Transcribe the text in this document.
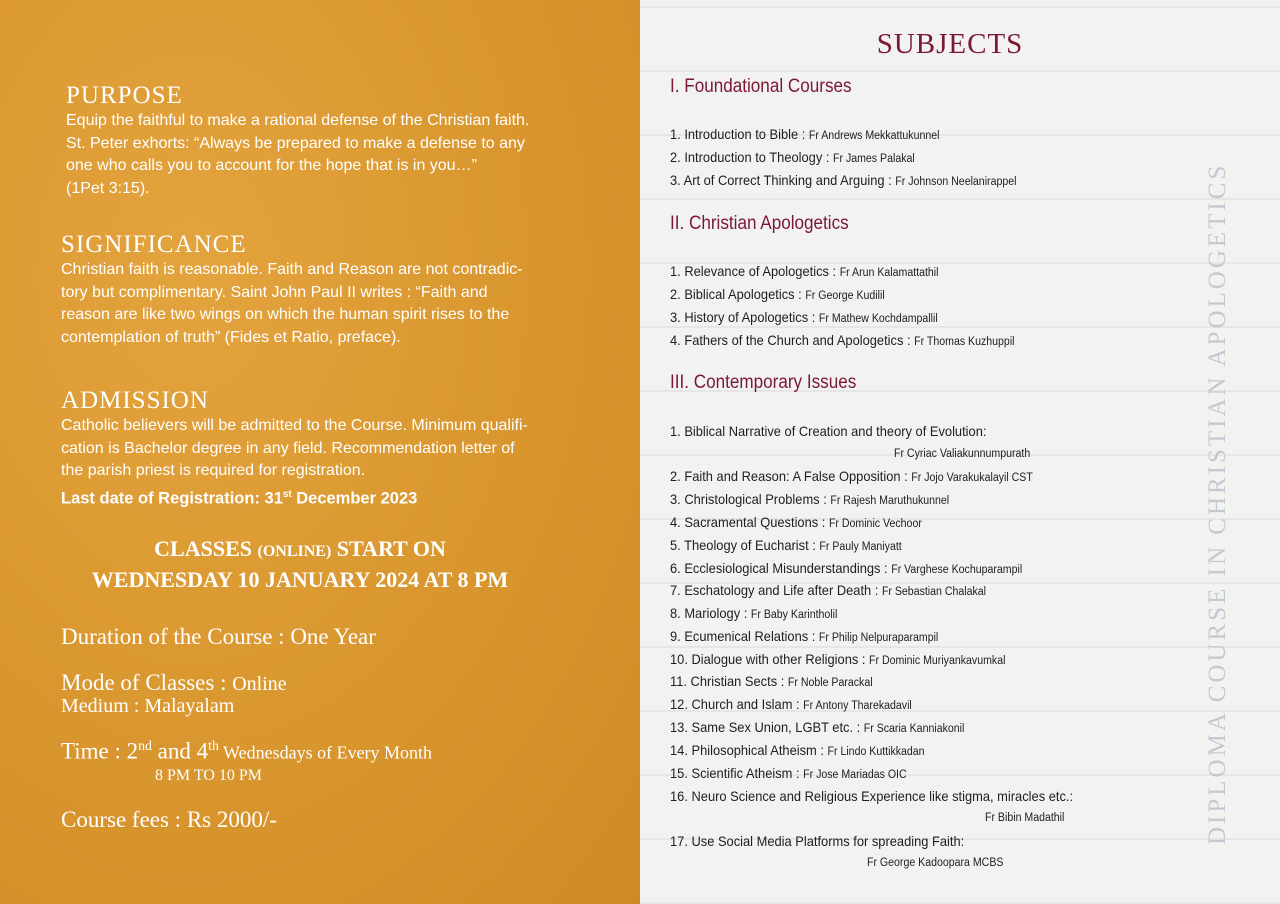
PURPOSE
Equip the faithful to make a rational defense of the Christian faith.
St. Peter exhorts: “Always be prepared to make a defense to any
one who calls you to account for the hope that is in you…”
(1Pet 3:15).
SIGNIFICANCE
Christian faith is reasonable. Faith and Reason are not contradic-
tory but complimentary. Saint John Paul II writes : “Faith and
reason are like two wings on which the human spirit rises to the
contemplation of truth” (Fides et Ratio, preface).
ADMISSION
Catholic believers will be admitted to the Course. Minimum qualifi-
cation is Bachelor degree in any field. Recommendation letter of
the parish priest is required for registration.
Last date of Registration: 31st December 2023
CLASSES (ONLINE) START ON
WEDNESDAY 10 JANUARY 2024 AT 8 PM
Duration of the Course : One Year
Mode of Classes : Online
Medium : Malayalam
Time : 2nd and 4th Wednesdays of Every Month
8 PM TO 10 PM
Course fees : Rs 2000/-
SUBJECTS
I. Foundational Courses
1. Introduction to Bible : Fr Andrews Mekkattukunnel
2. Introduction to Theology : Fr James Palakal
3. Art of Correct Thinking and Arguing : Fr Johnson Neelanirappel
II. Christian Apologetics
1. Relevance of Apologetics : Fr Arun Kalamattathil
2. Biblical Apologetics : Fr George Kudilil
3. History of Apologetics : Fr Mathew Kochdampallil
4. Fathers of the Church and Apologetics : Fr Thomas Kuzhuppil
III. Contemporary Issues
1. Biblical Narrative of Creation and theory of Evolution:
Fr Cyriac Valiakunnumpurath
2. Faith and Reason: A False Opposition : Fr Jojo Varakukalayil CST
3. Christological Problems : Fr Rajesh Maruthukunnel
4. Sacramental Questions : Fr Dominic Vechoor
5. Theology of Eucharist : Fr Pauly Maniyatt
6. Ecclesiological Misunderstandings : Fr Varghese Kochuparampil
7. Eschatology and Life after Death : Fr Sebastian Chalakal
8. Mariology : Fr Baby Karintholil
9. Ecumenical Relations : Fr Philip Nelpuraparampil
10. Dialogue with other Religions : Fr Dominic Muriyankavumkal
11. Christian Sects : Fr Noble Parackal
12. Church and Islam : Fr Antony Tharekadavil
13. Same Sex Union, LGBT etc. : Fr Scaria Kanniakonil
14. Philosophical Atheism : Fr Lindo Kuttikkadan
15. Scientific Atheism : Fr Jose Mariadas OIC
16. Neuro Science and Religious Experience like stigma, miracles etc.:
Fr Bibin Madathil
17. Use Social Media Platforms for spreading Faith:
Fr George Kadoopara MCBS
DIPLOMA COURSE IN CHRISTIAN APOLOGETICS
